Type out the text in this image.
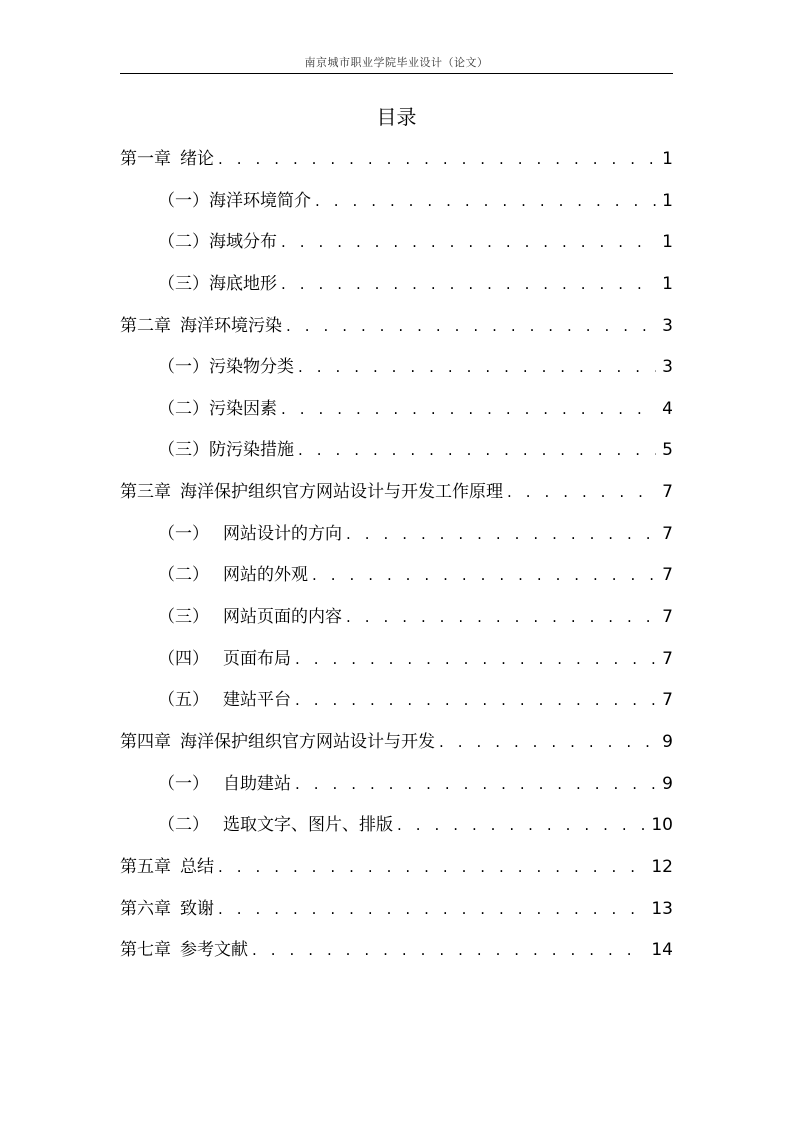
南京城市职业学院毕业设计（论文）
目录
第一章 绪论 . . .	1
（一）海洋环境简介 . . .	1
（二）海域分布 . . .	1
（三）海底地形 . . .	1
第二章 海洋环境污染 . . .	3
（一）污染物分类 . . .	3
（二）污染因素 . . .	4
（三）防污染措施 . . .	5
第三章 海洋保护组织官方网站设计与开发工作原理 . . .	7
（一） 网站设计的方向 . . .	7
（二） 网站的外观 . . .	7
（三） 网站页面的内容 . . .	7
（四） 页面布局 . . .	7
（五） 建站平台 . . .	7
第四章 海洋保护组织官方网站设计与开发 . . .	9
（一） 自助建站 . . .	9
（二） 选取文字、图片、排版 . . .	10
第五章 总结 . . .	12
第六章 致谢 . . .	13
第七章 参考文献 . . .	14
